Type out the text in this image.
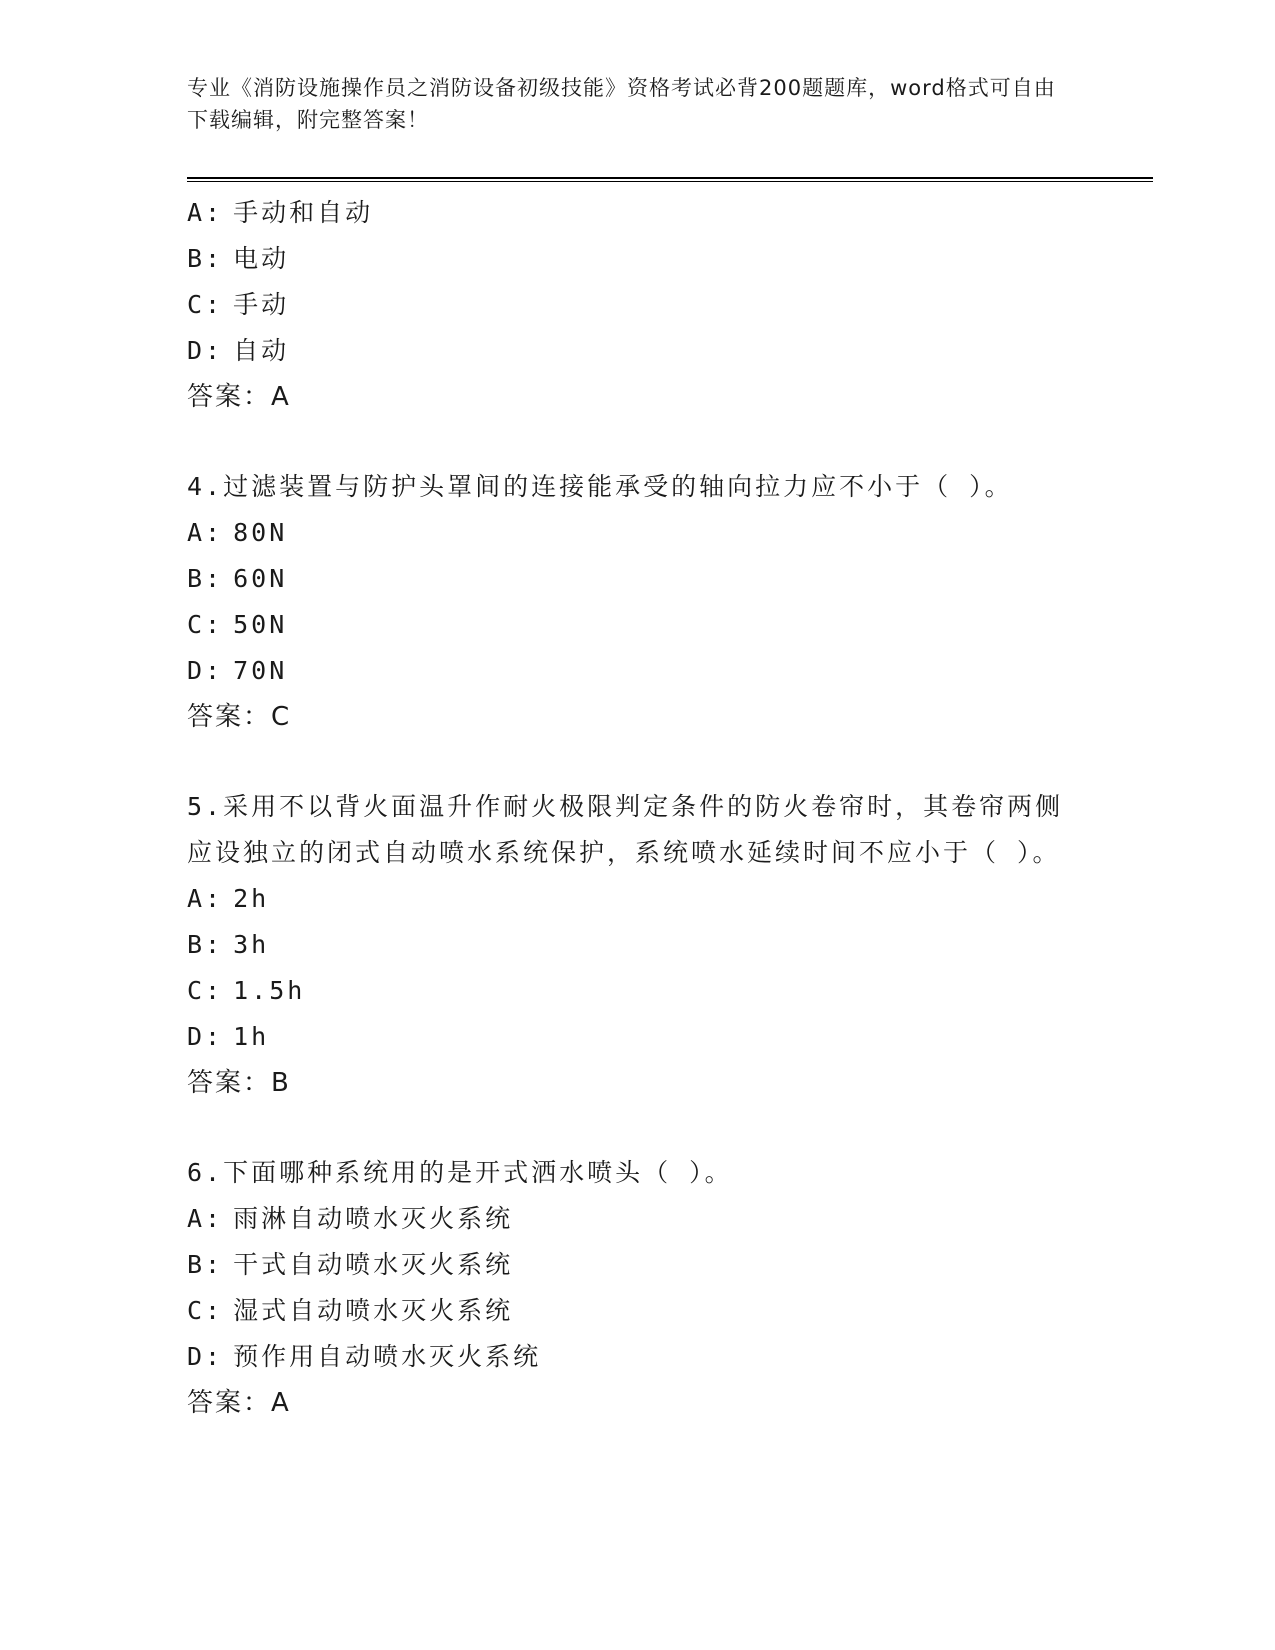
专业《消防设施操作员之消防设备初级技能》资格考试必背200题题库，word格式可自由下载编辑，附完整答案！
A: 手动和自动
B: 电动
C: 手动
D: 自动
答案：A
4.过滤装置与防护头罩间的连接能承受的轴向拉力应不小于（ ）。
A: 80N
B: 60N
C: 50N
D: 70N
答案：C
5.采用不以背火面温升作耐火极限判定条件的防火卷帘时，其卷帘两侧应设独立的闭式自动喷水系统保护，系统喷水延续时间不应小于（ ）。
A: 2h
B: 3h
C: 1.5h
D: 1h
答案：B
6.下面哪种系统用的是开式洒水喷头（ ）。
A: 雨淋自动喷水灭火系统
B: 干式自动喷水灭火系统
C: 湿式自动喷水灭火系统
D: 预作用自动喷水灭火系统
答案：A
